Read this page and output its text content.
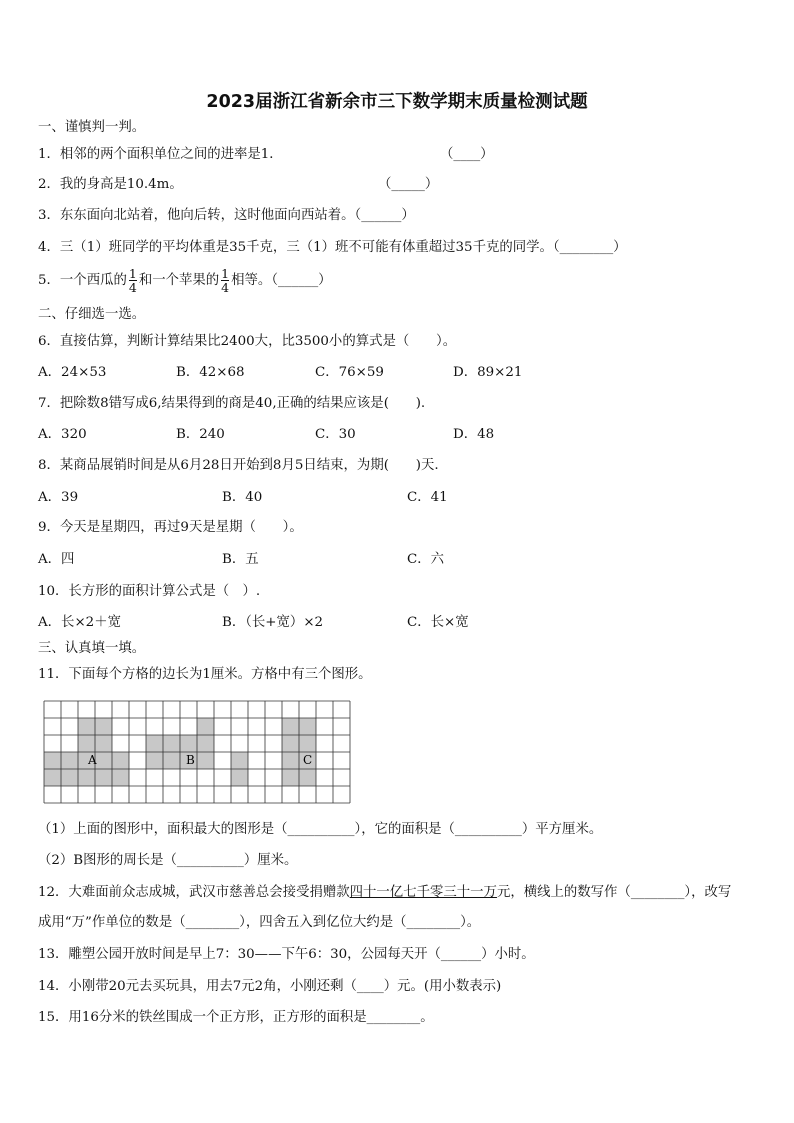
2023届浙江省新余市三下数学期末质量检测试题
一、谨慎判一判。
1．相邻的两个面积单位之间的进率是1．	（____）
2．我的身高是10.4m。	（_____）
3．东东面向北站着，他向后转，这时他面向西站着。（______）
4．三（1）班同学的平均体重是35千克，三（1）班不可能有体重超过35千克的同学。（________）
5．一个西瓜的 $\frac{1}{4}$ 和一个苹果的 $\frac{1}{4}$ 相等。（______）
二、仔细选一选。
6．直接估算，判断计算结果比2400大，比3500小的算式是（　　）。
A．24×53	B．42×68	C．76×59	D．89×21
7．把除数8错写成6,结果得到的商是40,正确的结果应该是(　　).
A．320	B．240	C．30	D．48
8．某商品展销时间是从6月28日开始到8月5日结束，为期(　　)天.
A．39	B．40	C．41
9．今天是星期四，再过9天是星期（　　）。
A．四	B．五	C．六
10．长方形的面积计算公式是（　）.
A．长×2＋宽	B．（长+宽）×2	C．长×宽
三、认真填一填。
11．下面每个方格的边长为1厘米。方格中有三个图形。
A	B	C
（1）上面的图形中，面积最大的图形是（__________），它的面积是（__________）平方厘米。
（2）B图形的周长是（__________）厘米。
12．大难面前众志成城，武汉市慈善总会接受捐赠款四十一亿七千零三十一万元，横线上的数写作（________），改写
成用“万”作单位的数是（________），四舍五入到亿位大约是（________）。
13．雕塑公园开放时间是早上7：30——下午6：30，公园每天开（______）小时。
14．小刚带20元去买玩具，用去7元2角，小刚还剩（____）元。(用小数表示)
15．用16分米的铁丝围成一个正方形，正方形的面积是________。
